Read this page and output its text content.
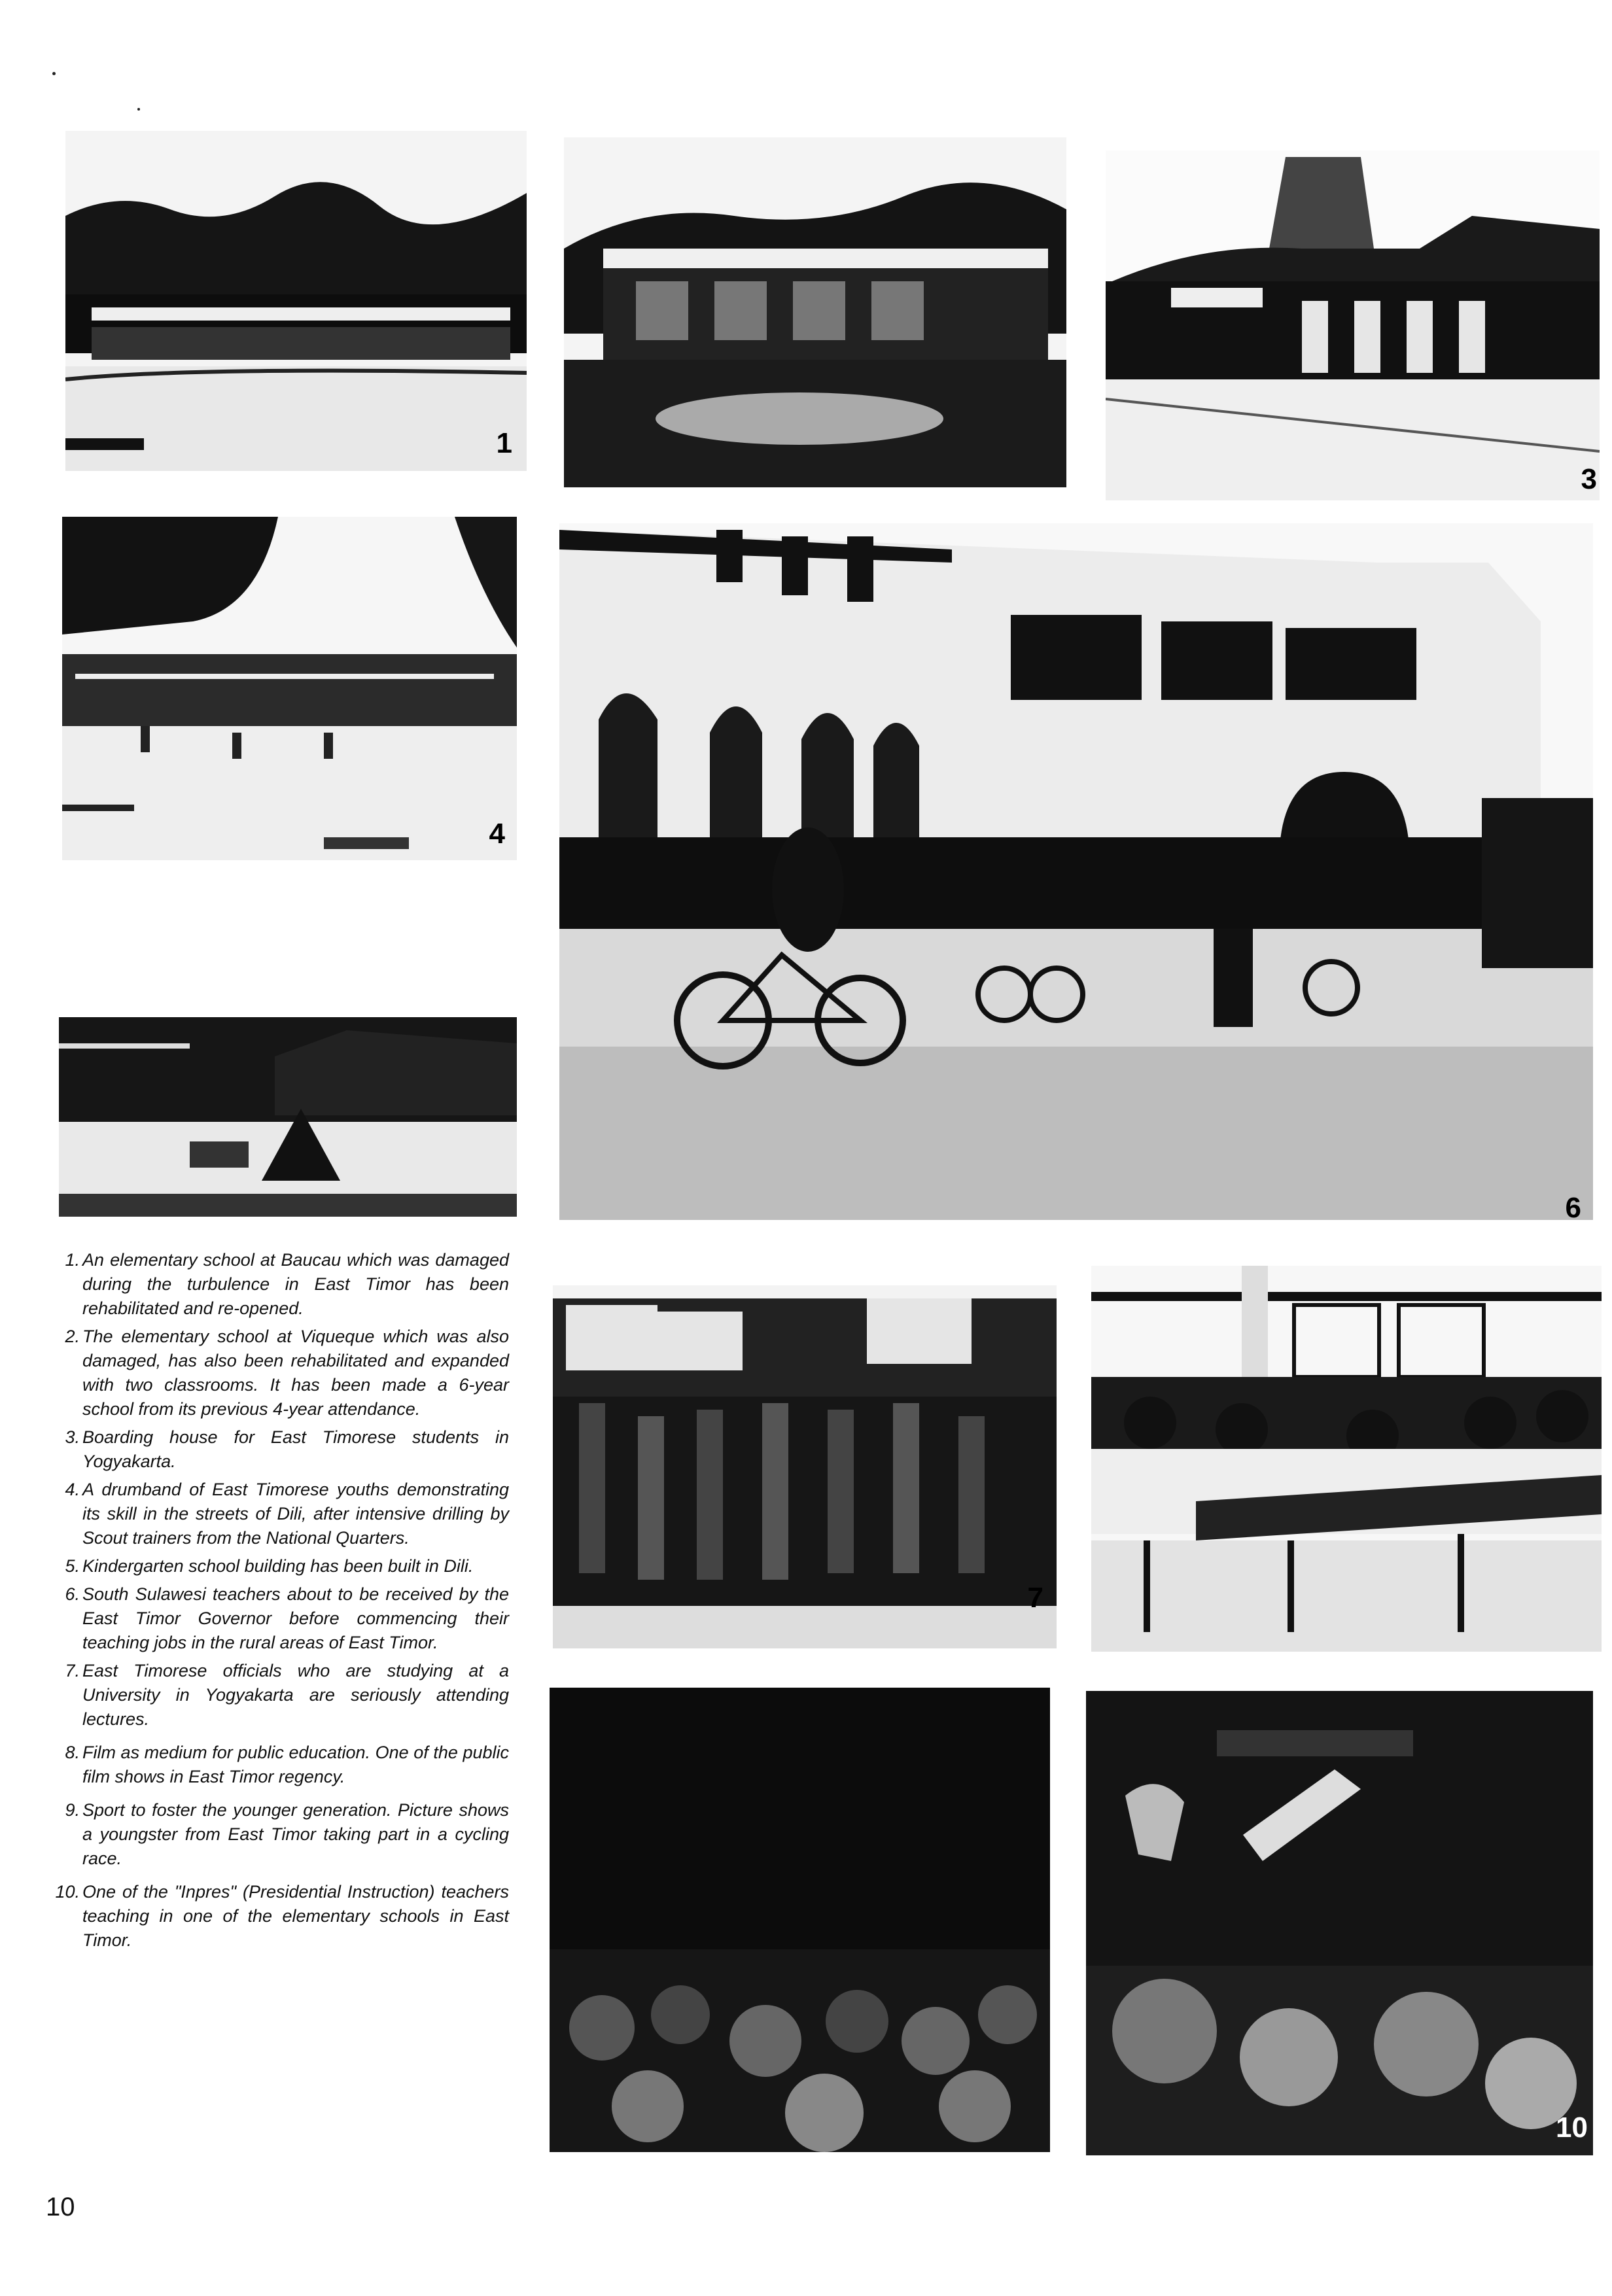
1
3
4
6
7
10
1. An elementary school at Baucau which was damaged during the turbulence in East Timor has been rehabilitated and re-opened.
2. The elementary school at Viqueque which was also damaged, has also been rehabilitated and expanded with two classrooms. It has been made a 6-year school from its previous 4-year attendance.
3. Boarding house for East Timorese students in Yogyakarta.
4. A drumband of East Timorese youths demonstrating its skill in the streets of Dili, after intensive drilling by Scout trainers from the National Quarters.
5. Kindergarten school building has been built in Dili.
6. South Sulawesi teachers about to be received by the East Timor Governor before commencing their teaching jobs in the rural areas of East Timor.
7. East Timorese officials who are studying at a University in Yogyakarta are seriously attending lectures.
8. Film as medium for public education. One of the public film shows in East Timor regency.
9. Sport to foster the younger generation. Picture shows a youngster from East Timor taking part in a cycling race.
10. One of the "Inpres" (Presidential Instruction) teachers teaching in one of the elementary schools in East Timor.
10
